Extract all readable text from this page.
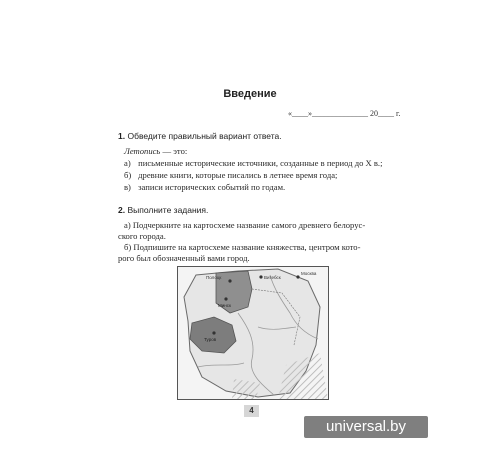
Введение
«____»______________ 20____ г.
1. Обведите правильный вариант ответа.
Летопись — это:
а) письменные исторические источники, созданные в период до X в.;
б) древние книги, которые писались в летнее время года;
в) записи исторических событий по годам.
2. Выполните задания.
а) Подчеркните на картосхеме название самого древнего белорус-
ского города.
б) Подпишите на картосхеме название княжества, центром кото-
рого был обозначенный вами город.
Полоцк	Витебск
Минск
Москва
Туров
4
universal.by
